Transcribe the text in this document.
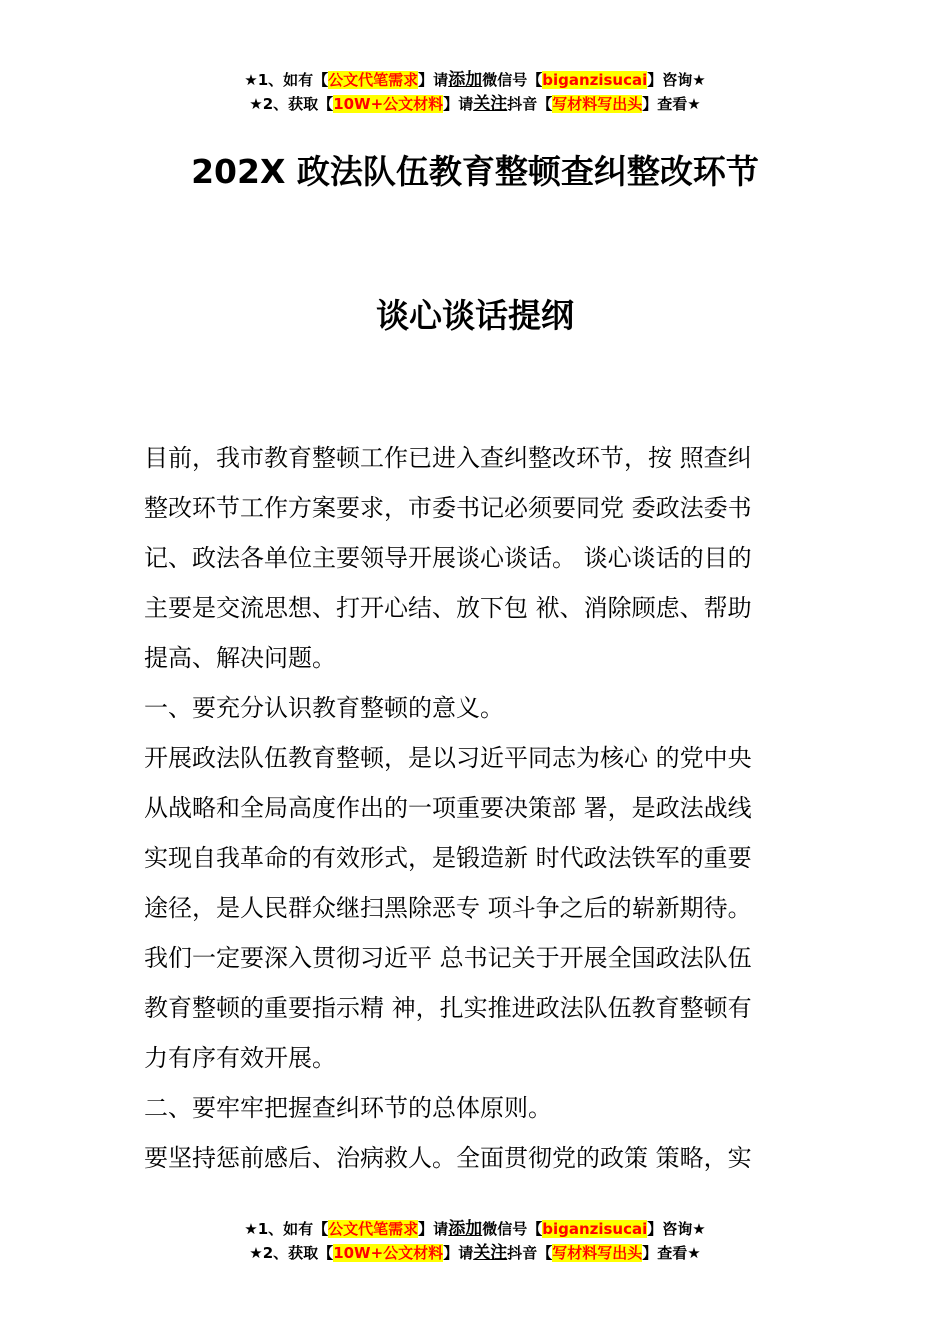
★1、如有【公文代笔需求】请添加微信号【biganzisucai】咨询★
★2、获取【10W+公文材料】请关注抖音【写材料写出头】查看★
202X 政法队伍教育整顿查纠整改环节
谈心谈话提纲

目前，我市教育整顿工作已进入查纠整改环节，按 照查纠

整改环节工作方案要求，市委书记必须要同党 委政法委书

记、政法各单位主要领导开展谈心谈话。 谈心谈话的目的

主要是交流思想、打开心结、放下包 袱、消除顾虑、帮助

提高、解决问题。

一、要充分认识教育整顿的意义。

开展政法队伍教育整顿，是以习近平同志为核心 的党中央

从战略和全局高度作出的一项重要决策部 署，是政法战线

实现自我革命的有效形式，是锻造新 时代政法铁军的重要

途径，是人民群众继扫黑除恶专 项斗争之后的崭新期待。

我们一定要深入贯彻习近平 总书记关于开展全国政法队伍

教育整顿的重要指示精 神，扎实推进政法队伍教育整顿有

力有序有效开展。

二、要牢牢把握查纠环节的总体原则。

要坚持惩前感后、治病救人。全面贯彻党的政策 策略，实

★1、如有【公文代笔需求】请添加微信号【biganzisucai】咨询★
★2、获取【10W+公文材料】请关注抖音【写材料写出头】查看★
